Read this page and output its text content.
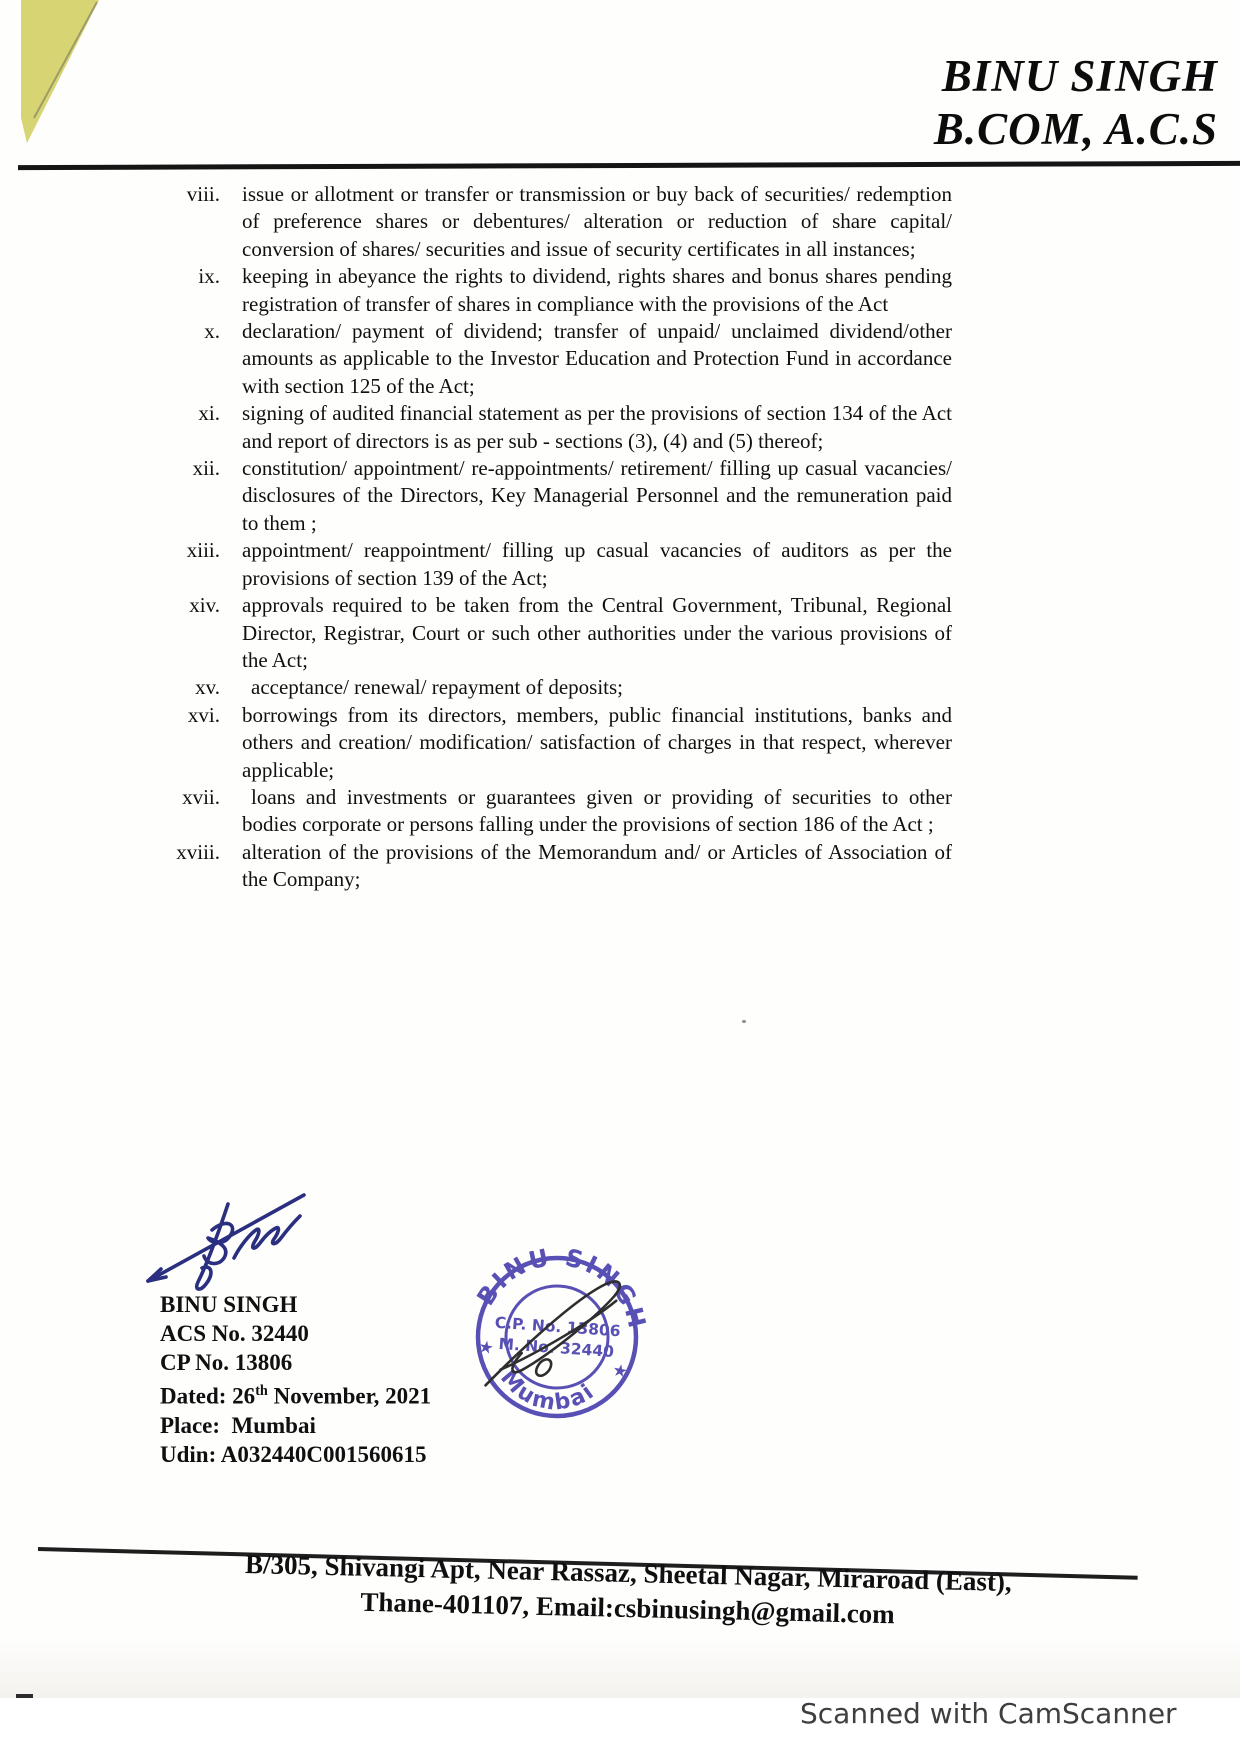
BINU SINGH
B.COM, A.C.S
viii.	issue or allotment or transfer or transmission or buy back of securities/ redemption of preference shares or debentures/ alteration or reduction of share capital/ conversion of shares/ securities and issue of security certificates in all instances;
ix.	keeping in abeyance the rights to dividend, rights shares and bonus shares pending registration of transfer of shares in compliance with the provisions of the Act
x.	declaration/ payment of dividend; transfer of unpaid/ unclaimed dividend/other amounts as applicable to the Investor Education and Protection Fund in accordance with section 125 of the Act;
xi.	signing of audited financial statement as per the provisions of section 134 of the Act and report of directors is as per sub - sections (3), (4) and (5) thereof;
xii.	constitution/ appointment/ re-appointments/ retirement/ filling up casual vacancies/ disclosures of the Directors, Key Managerial Personnel and the remuneration paid to them ;
xiii.	appointment/ reappointment/ filling up casual vacancies of auditors as per the provisions of section 139 of the Act;
xiv.	approvals required to be taken from the Central Government, Tribunal, Regional Director, Registrar, Court or such other authorities under the various provisions of the Act;
xv.	acceptance/ renewal/ repayment of deposits;
xvi.	borrowings from its directors, members, public financial institutions, banks and others and creation/ modification/ satisfaction of charges in that respect, wherever applicable;
xvii.	loans and investments or guarantees given or providing of securities to other bodies corporate or persons falling under the provisions of section 186 of the Act ;
xviii.	alteration of the provisions of the Memorandum and/ or Articles of Association of the Company;
BINU SINGH
ACS No. 32440
CP No. 13806
Dated: 26th November, 2021
Place:  Mumbai
Udin: A032440C001560615
BINU SINGH
Mumbai
★
★
C.P. No. 13806
M. No. 32440
B/305, Shivangi Apt, Near Rassaz, Sheetal Nagar, Miraroad (East),
Thane-401107, Email:csbinusingh@gmail.com
Scanned with CamScanner
